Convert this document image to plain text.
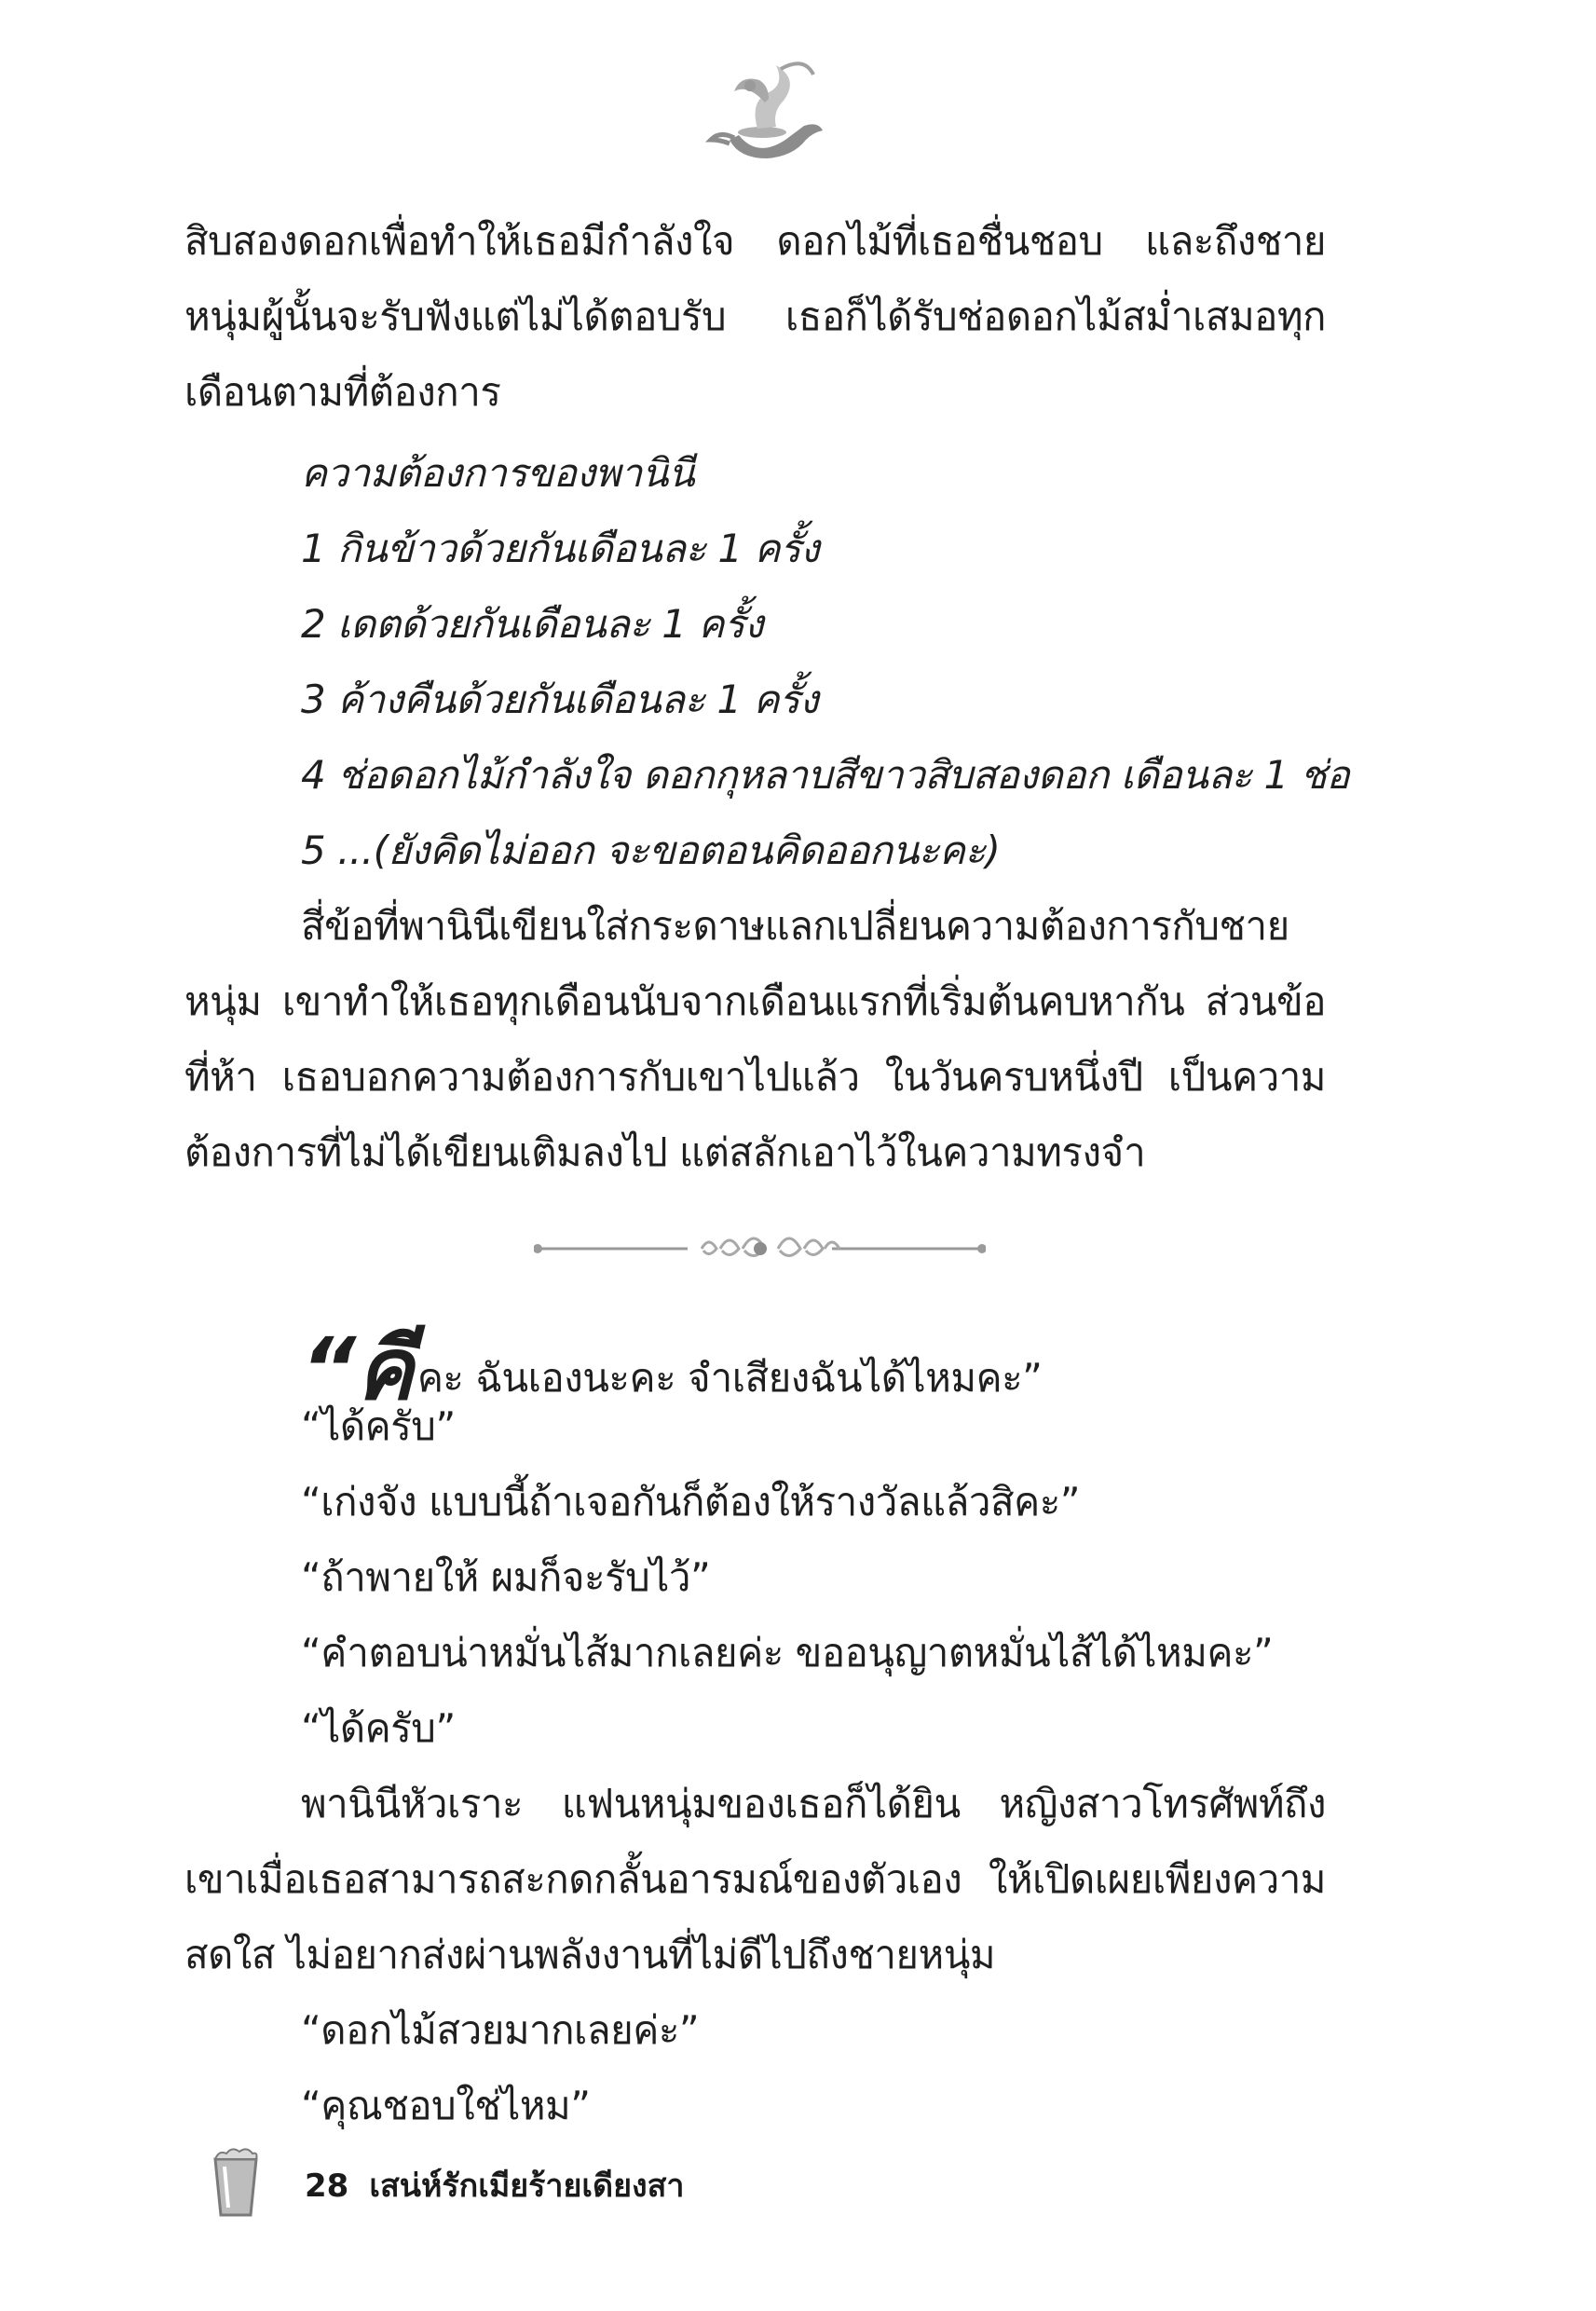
สิบสองดอกเพื่อทำให้เธอมีกำลังใจ ดอกไม้ที่เธอชื่นชอบ และถึงชายหนุ่มผู้นั้นจะรับฟังแต่ไม่ได้ตอบรับ เธอก็ได้รับช่อดอกไม้สม่ำเสมอทุกเดือนตามที่ต้องการ

ความต้องการของพานินี

1 กินข้าวด้วยกันเดือนละ 1 ครั้ง

2 เดตด้วยกันเดือนละ 1 ครั้ง

3 ค้างคืนด้วยกันเดือนละ 1 ครั้ง

4 ช่อดอกไม้กำลังใจ ดอกกุหลาบสีขาวสิบสองดอก เดือนละ 1 ช่อ

5 ...(ยังคิดไม่ออก จะขอตอนคิดออกนะคะ)

สี่ข้อที่พานินีเขียนใส่กระดาษแลกเปลี่ยนความต้องการกับชายหนุ่ม เขาทำให้เธอทุกเดือนนับจากเดือนแรกที่เริ่มต้นคบหากัน ส่วนข้อที่ห้า เธอบอกความต้องการกับเขาไปแล้ว ในวันครบหนึ่งปี เป็นความต้องการที่ไม่ได้เขียนเติมลงไป แต่สลักเอาไว้ในความทรงจำ

“คีคะ ฉันเองนะคะ จำเสียงฉันได้ไหมคะ”

“ได้ครับ”

“เก่งจัง แบบนี้ถ้าเจอกันก็ต้องให้รางวัลแล้วสิคะ”

“ถ้าพายให้ ผมก็จะรับไว้”

“คำตอบน่าหมั่นไส้มากเลยค่ะ ขออนุญาตหมั่นไส้ได้ไหมคะ”

“ได้ครับ”

พานินีหัวเราะ แฟนหนุ่มของเธอก็ได้ยิน หญิงสาวโทรศัพท์ถึงเขาเมื่อเธอสามารถสะกดกลั้นอารมณ์ของตัวเอง ให้เปิดเผยเพียงความสดใส ไม่อยากส่งผ่านพลังงานที่ไม่ดีไปถึงชายหนุ่ม

“ดอกไม้สวยมากเลยค่ะ”

“คุณชอบใช่ไหม”

28 เสน่ห์รักเมียร้ายเดียงสา
